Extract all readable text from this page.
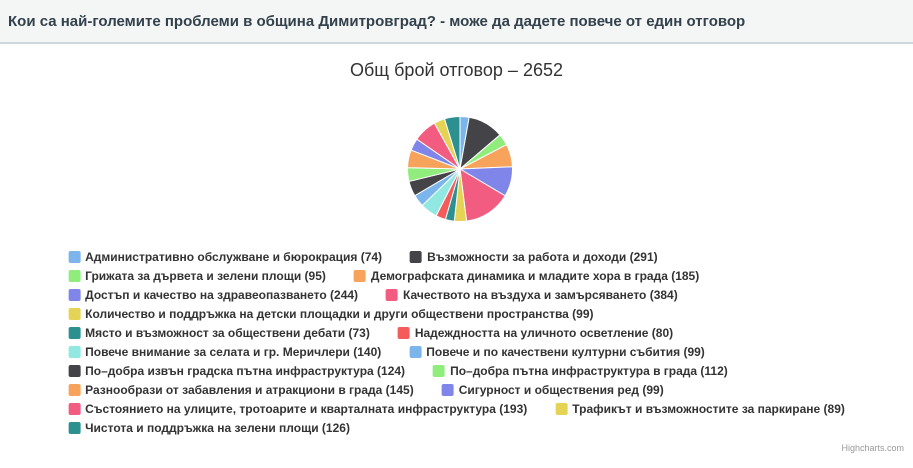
Кои са най-големите проблеми в община Димитровград? - може да дадете повече от един отговор
Общ брой отговор – 2652
Административно обслужване и бюрокрация (74)	Възможности за работа и доходи (291)
Грижата за дървета и зелени площи (95)	Демографската динамика и младите хора в града (185)
Достъп и качество на здравеопазването (244)	Качеството на въздуха и замърсяването (384)
Количество и поддръжка на детски площадки и други обществени пространства (99)
Място и възможност за обществени дебати (73)	Надеждността на уличното осветление (80)
Повече внимание за селата и гр. Меричлери (140)	Повече и по качествени културни събития (99)
По–добра извън градска пътна инфраструктура (124)	По–добра пътна инфраструктура в града (112)
Разнообрази от забавления и атракциони в града (145)	Сигурност и обществения ред (99)
Състоянието на улиците, тротоарите и кварталната инфраструктура (193)	Трафикът и възможностите за паркиране (89)
Чистота и поддръжка на зелени площи (126)
Highcharts.com
